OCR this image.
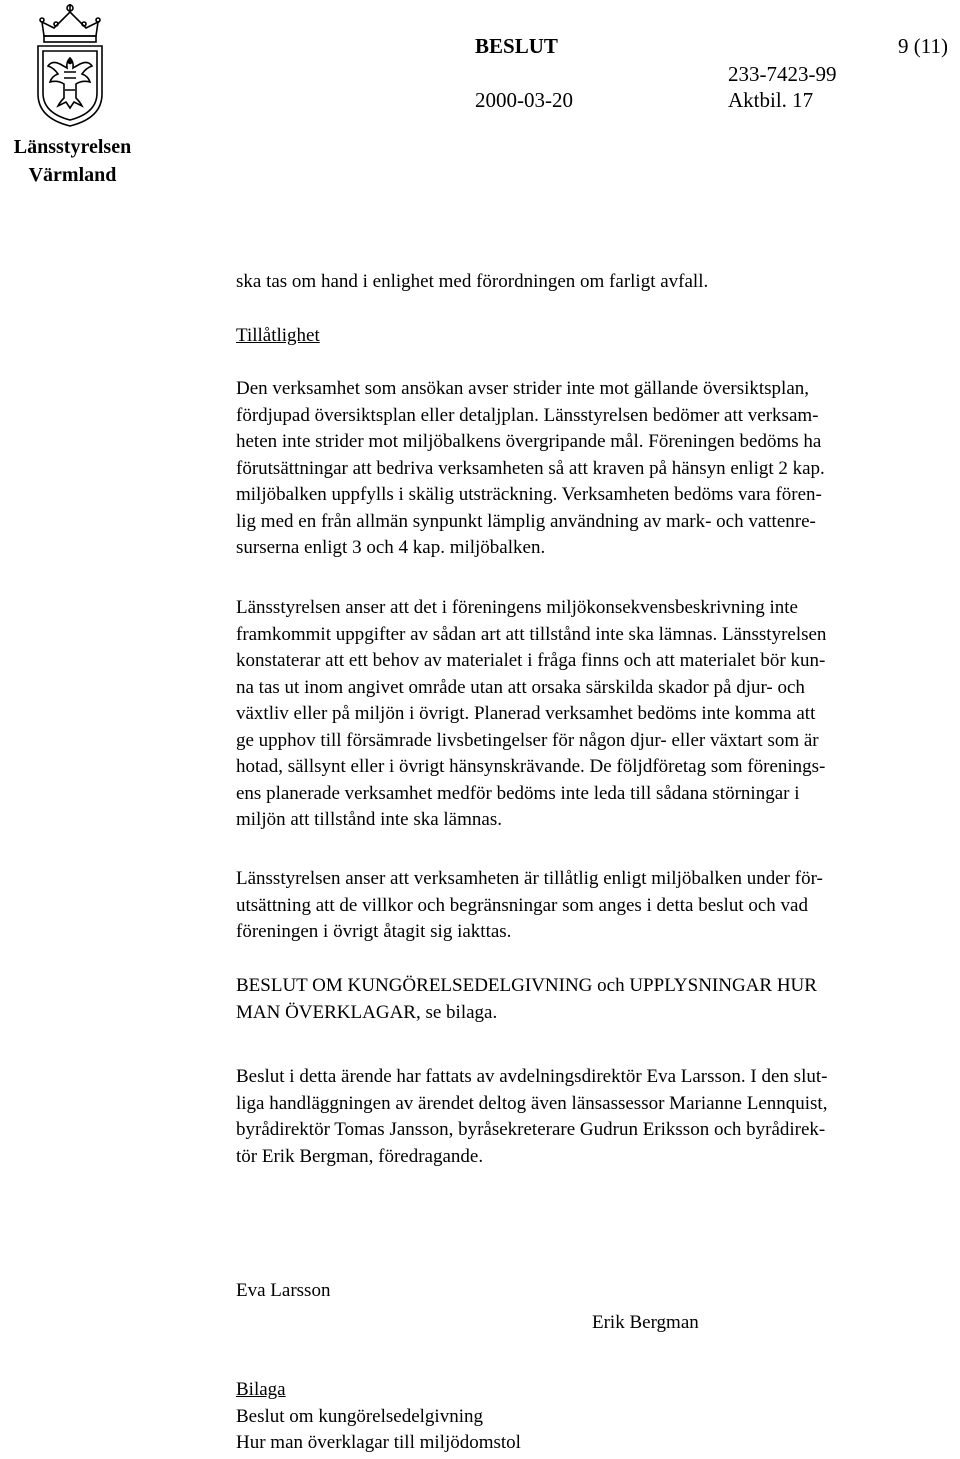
Länsstyrelsen
Värmland
BESLUT	9 (11)
233-7423-99
2000-03-20	Aktbil. 17
ska tas om hand i enlighet med förordningen om farligt avfall.
Tillåtlighet
Den verksamhet som ansökan avser strider inte mot gällande översiktsplan,
fördjupad översiktsplan eller detaljplan. Länsstyrelsen bedömer att verksam-
heten inte strider mot miljöbalkens övergripande mål. Föreningen bedöms ha
förutsättningar att bedriva verksamheten så att kraven på hänsyn enligt 2 kap.
miljöbalken uppfylls i skälig utsträckning. Verksamheten bedöms vara fören-
lig med en från allmän synpunkt lämplig användning av mark- och vattenre-
surserna enligt 3 och 4 kap. miljöbalken.
Länsstyrelsen anser att det i föreningens miljökonsekvensbeskrivning inte
framkommit uppgifter av sådan art att tillstånd inte ska lämnas. Länsstyrelsen
konstaterar att ett behov av materialet i fråga finns och att materialet bör kun-
na tas ut inom angivet område utan att orsaka särskilda skador på djur- och
växtliv eller på miljön i övrigt. Planerad verksamhet bedöms inte komma att
ge upphov till försämrade livsbetingelser för någon djur- eller växtart som är
hotad, sällsynt eller i övrigt hänsynskrävande. De följdföretag som förenings-
ens planerade verksamhet medför bedöms inte leda till sådana störningar i
miljön att tillstånd inte ska lämnas.
Länsstyrelsen anser att verksamheten är tillåtlig enligt miljöbalken under för-
utsättning att de villkor och begränsningar som anges i detta beslut och vad
föreningen i övrigt åtagit sig iakttas.
BESLUT OM KUNGÖRELSEDELGIVNING och UPPLYSNINGAR HUR
MAN ÖVERKLAGAR, se bilaga.
Beslut i detta ärende har fattats av avdelningsdirektör Eva Larsson. I den slut-
liga handläggningen av ärendet deltog även länsassessor Marianne Lennquist,
byrådirektör Tomas Jansson, byråsekreterare Gudrun Eriksson och byrådirek-
tör Erik Bergman, föredragande.
Eva Larsson
Erik Bergman
Bilaga
Beslut om kungörelsedelgivning
Hur man överklagar till miljödomstol
